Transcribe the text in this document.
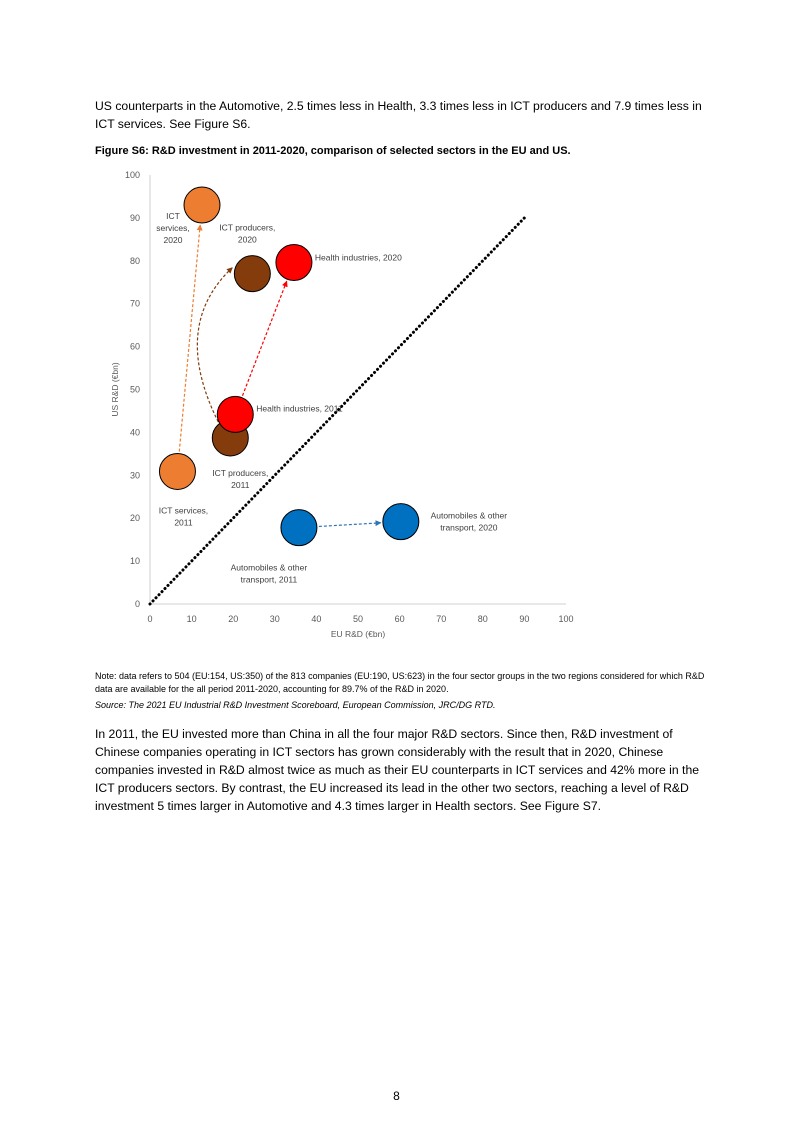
US counterparts in the Automotive, 2.5 times less in Health, 3.3 times less in ICT producers and 7.9 times less in ICT services. See Figure S6.

Figure S6: R&D investment in 2011-2020, comparison of selected sectors in the EU and US.

0	10	20	30	40	50	60	70	80	90	100
0
10
20
30
40
50
60
70
80
90
100
EU R&D (€bn)
US R&D (€bn)
ICT services,
2011
ICT
services,
2020
ICT producers,
2011
ICT producers,
2020
Health industries, 2011
Health industries, 2020
Automobiles & other
transport, 2011
Automobiles & other
transport, 2020

Note: data refers to 504 (EU:154, US:350) of the 813 companies (EU:190, US:623) in the four sector groups in the two regions considered for which R&D data are available for the all period 2011-2020, accounting for 89.7% of the R&D in 2020.

Source: The 2021 EU Industrial R&D Investment Scoreboard, European Commission, JRC/DG RTD.

In 2011, the EU invested more than China in all the four major R&D sectors. Since then, R&D investment of Chinese companies operating in ICT sectors has grown considerably with the result that in 2020, Chinese companies invested in R&D almost twice as much as their EU counterparts in ICT services and 42% more in the ICT producers sectors. By contrast, the EU increased its lead in the other two sectors, reaching a level of R&D investment 5 times larger in Automotive and 4.3 times larger in Health sectors. See Figure S7.

8
